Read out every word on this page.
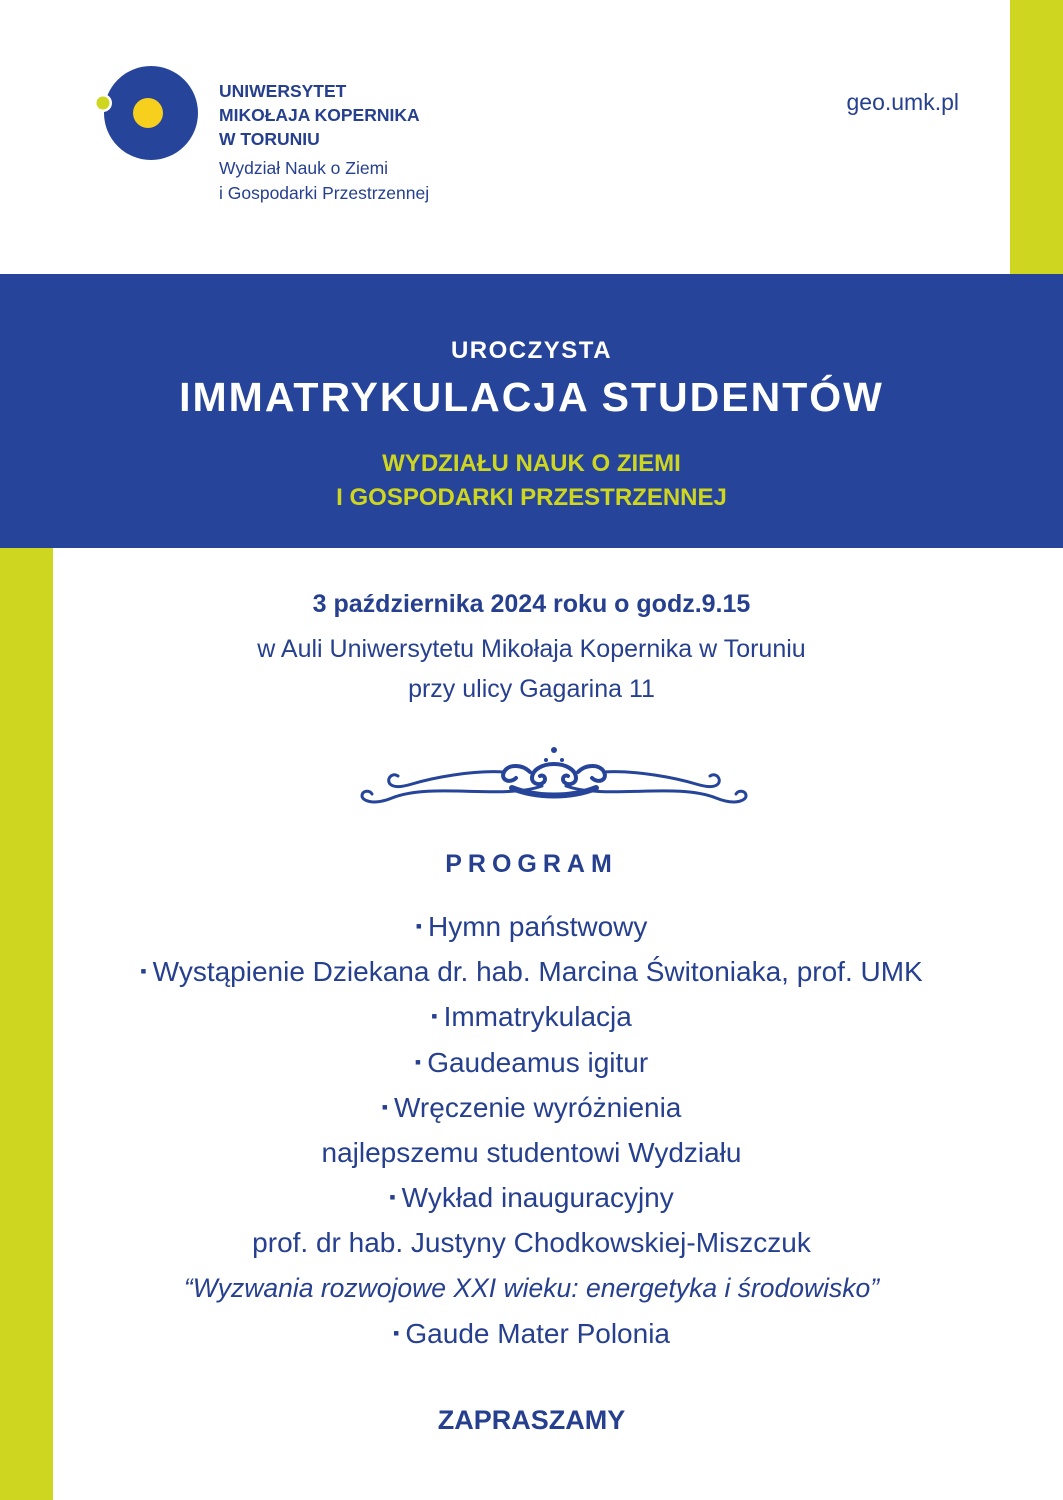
UNIWERSYTET
MIKOŁAJA KOPERNIKA
W TORUNIU
Wydział Nauk o Ziemi
i Gospodarki Przestrzennej
geo.umk.pl
UROCZYSTA
IMMATRYKULACJA STUDENTÓW
WYDZIAŁU NAUK O ZIEMI
I GOSPODARKI PRZESTRZENNEJ
3 października 2024 roku o godz.9.15
w Auli Uniwersytetu Mikołaja Kopernika w Toruniu
przy ulicy Gagarina 11
PROGRAM
▪ Hymn państwowy
▪ Wystąpienie Dziekana dr. hab. Marcina Świtoniaka, prof. UMK
▪ Immatrykulacja
▪ Gaudeamus igitur
▪ Wręczenie wyróżnienia
najlepszemu studentowi Wydziału
▪ Wykład inauguracyjny
prof. dr hab. Justyny Chodkowskiej-Miszczuk
“Wyzwania rozwojowe XXI wieku: energetyka i środowisko”
▪ Gaude Mater Polonia
ZAPRASZAMY
